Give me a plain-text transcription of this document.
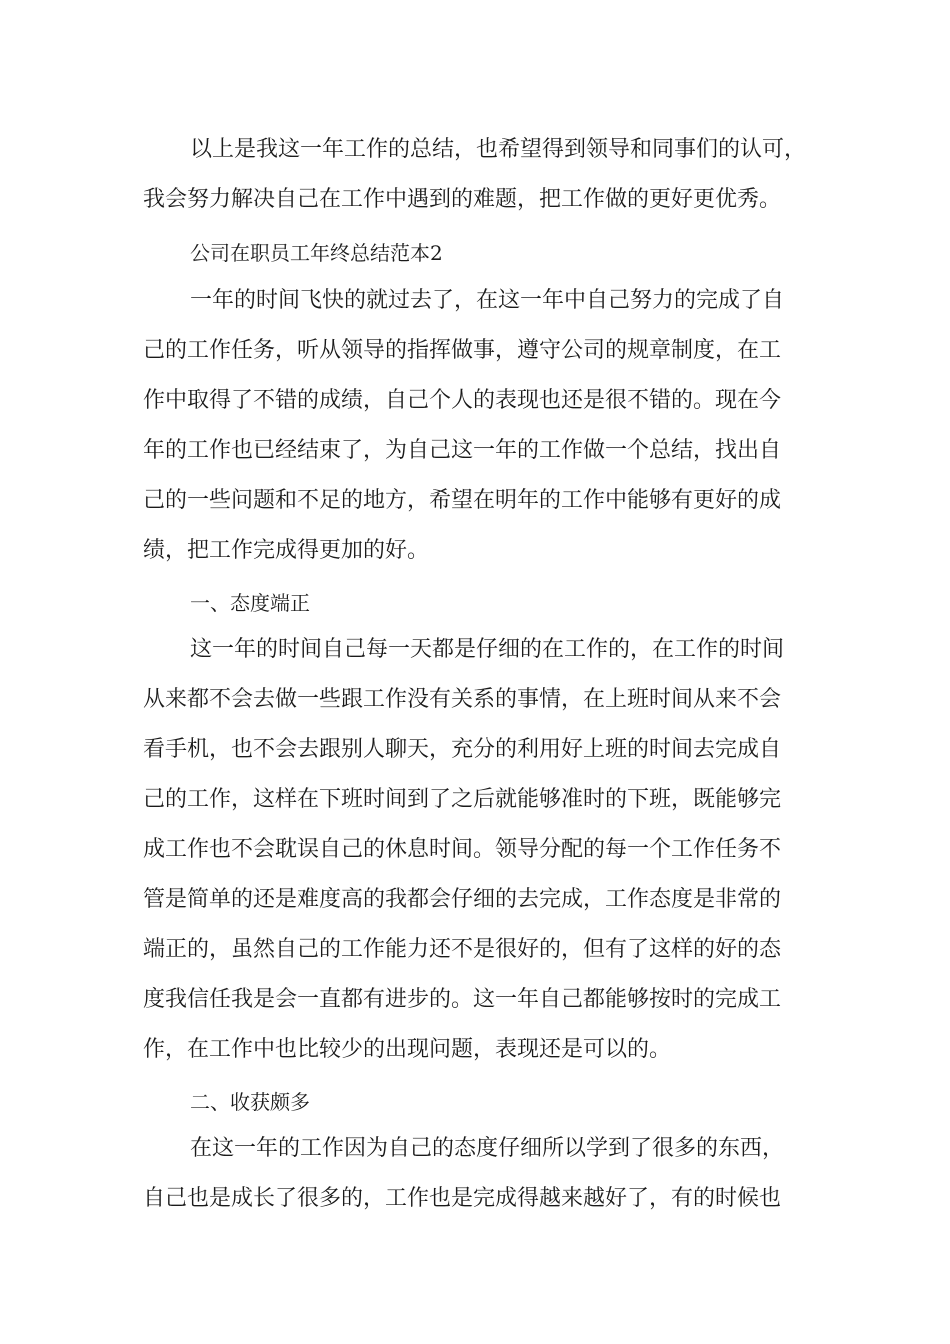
以上是我这一年工作的总结，也希望得到领导和同事们的认可，
我会努力解决自己在工作中遇到的难题，把工作做的更好更优秀。
公司在职员工年终总结范本2
一年的时间飞快的就过去了，在这一年中自己努力的完成了自
己的工作任务，听从领导的指挥做事，遵守公司的规章制度，在工
作中取得了不错的成绩，自己个人的表现也还是很不错的。现在今
年的工作也已经结束了，为自己这一年的工作做一个总结，找出自
己的一些问题和不足的地方，希望在明年的工作中能够有更好的成
绩，把工作完成得更加的好。
一、态度端正
这一年的时间自己每一天都是仔细的在工作的，在工作的时间
从来都不会去做一些跟工作没有关系的事情，在上班时间从来不会
看手机，也不会去跟别人聊天，充分的利用好上班的时间去完成自
己的工作，这样在下班时间到了之后就能够准时的下班，既能够完
成工作也不会耽误自己的休息时间。领导分配的每一个工作任务不
管是简单的还是难度高的我都会仔细的去完成，工作态度是非常的
端正的，虽然自己的工作能力还不是很好的，但有了这样的好的态
度我信任我是会一直都有进步的。这一年自己都能够按时的完成工
作，在工作中也比较少的出现问题，表现还是可以的。
二、收获颇多
在这一年的工作因为自己的态度仔细所以学到了很多的东西，
自己也是成长了很多的，工作也是完成得越来越好了，有的时候也
